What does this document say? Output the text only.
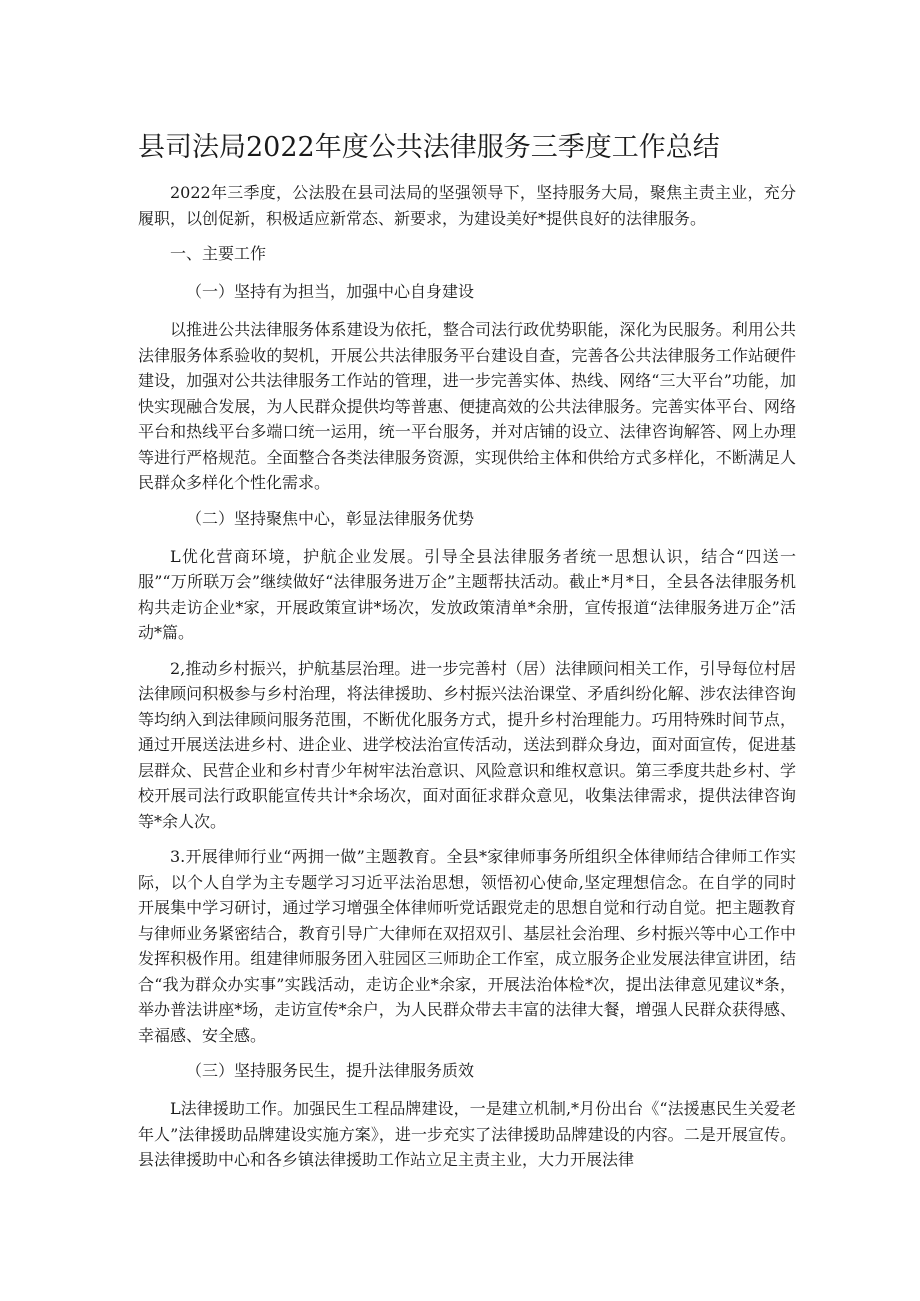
县司法局2022年度公共法律服务三季度工作总结

2022年三季度，公法股在县司法局的坚强领导下，坚持服务大局，聚焦主责主业，充分履职，以创促新，积极适应新常态、新要求，为建设美好*提供良好的法律服务。

一、主要工作

（一）坚持有为担当，加强中心自身建设

以推进公共法律服务体系建设为依托，整合司法行政优势职能，深化为民服务。利用公共法律服务体系验收的契机，开展公共法律服务平台建设自查，完善各公共法律服务工作站硬件建设，加强对公共法律服务工作站的管理，进一步完善实体、热线、网络“三大平台”功能，加快实现融合发展，为人民群众提供均等普惠、便捷高效的公共法律服务。完善实体平台、网络平台和热线平台多端口统一运用，统一平台服务，并对店铺的设立、法律咨询解答、网上办理等进行严格规范。全面整合各类法律服务资源，实现供给主体和供给方式多样化，不断满足人民群众多样化个性化需求。

（二）坚持聚焦中心，彰显法律服务优势

L优化营商环境，护航企业发展。引导全县法律服务者统一思想认识，结合“四送一服”“万所联万会”继续做好“法律服务进万企”主题帮扶活动。截止*月*日，全县各法律服务机构共走访企业*家，开展政策宣讲*场次，发放政策清单*余册，宣传报道“法律服务进万企”活动*篇。

2,推动乡村振兴，护航基层治理。进一步完善村（居）法律顾问相关工作，引导每位村居法律顾问积极参与乡村治理，将法律援助、乡村振兴法治课堂、矛盾纠纷化解、涉农法律咨询等均纳入到法律顾问服务范围，不断优化服务方式，提升乡村治理能力。巧用特殊时间节点，通过开展送法进乡村、进企业、进学校法治宣传活动，送法到群众身边，面对面宣传，促进基层群众、民营企业和乡村青少年树牢法治意识、风险意识和维权意识。第三季度共赴乡村、学校开展司法行政职能宣传共计*余场次，面对面征求群众意见，收集法律需求，提供法律咨询等*余人次。

3.开展律师行业“两拥一做”主题教育。全县*家律师事务所组织全体律师结合律师工作实际，以个人自学为主专题学习习近平法治思想，领悟初心使命,坚定理想信念。在自学的同时开展集中学习研讨，通过学习增强全体律师听党话跟党走的思想自觉和行动自觉。把主题教育与律师业务紧密结合，教育引导广大律师在双招双引、基层社会治理、乡村振兴等中心工作中发挥积极作用。组建律师服务团入驻园区三师助企工作室，成立服务企业发展法律宣讲团，结合“我为群众办实事”实践活动，走访企业*余家，开展法治体检*次，提出法律意见建议*条，举办普法讲座*场，走访宣传*余户，为人民群众带去丰富的法律大餐，增强人民群众获得感、幸福感、安全感。

（三）坚持服务民生，提升法律服务质效

L法律援助工作。加强民生工程品牌建设，一是建立机制,*月份出台《“法援惠民生关爱老年人”法律援助品牌建设实施方案》，进一步充实了法律援助品牌建设的内容。二是开展宣传。县法律援助中心和各乡镇法律援助工作站立足主责主业，大力开展法律
